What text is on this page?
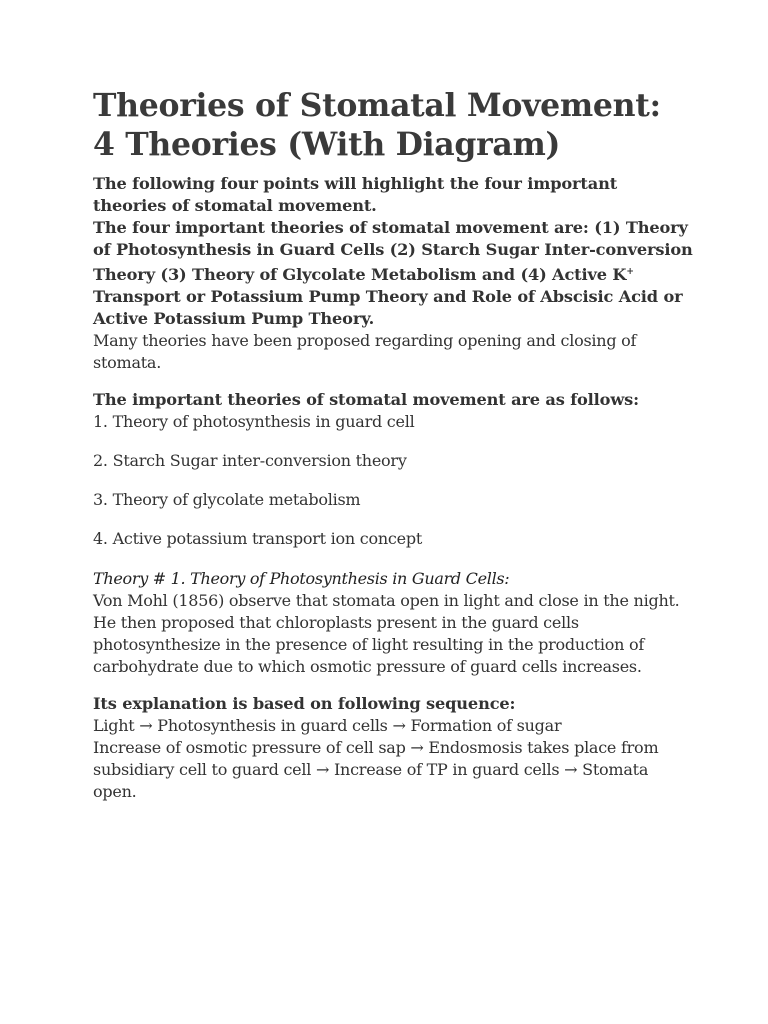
Theories of Stomatal Movement: 4 Theories (With Diagram)

The following four points will highlight the four important theories of stomatal movement.

The four important theories of stomatal movement are: (1) Theory of Photosynthesis in Guard Cells (2) Starch Sugar Inter-conversion Theory (3) Theory of Glycolate Metabolism and (4) Active K+ Transport or Potassium Pump Theory and Role of Abscisic Acid or Active Potassium Pump Theory.

Many theories have been proposed regarding opening and closing of stomata.

The important theories of stomatal movement are as follows:

1. Theory of photosynthesis in guard cell

2. Starch Sugar inter-conversion theory

3. Theory of glycolate metabolism

4. Active potassium transport ion concept

Theory # 1. Theory of Photosynthesis in Guard Cells:

Von Mohl (1856) observe that stomata open in light and close in the night. He then proposed that chloroplasts present in the guard cells photosynthesize in the presence of light resulting in the production of carbohydrate due to which osmotic pressure of guard cells increases.

Its explanation is based on following sequence:

Light → Photosynthesis in guard cells → Formation of sugar

Increase of osmotic pressure of cell sap → Endosmosis takes place from subsidiary cell to guard cell → Increase of TP in guard cells → Stomata open.
